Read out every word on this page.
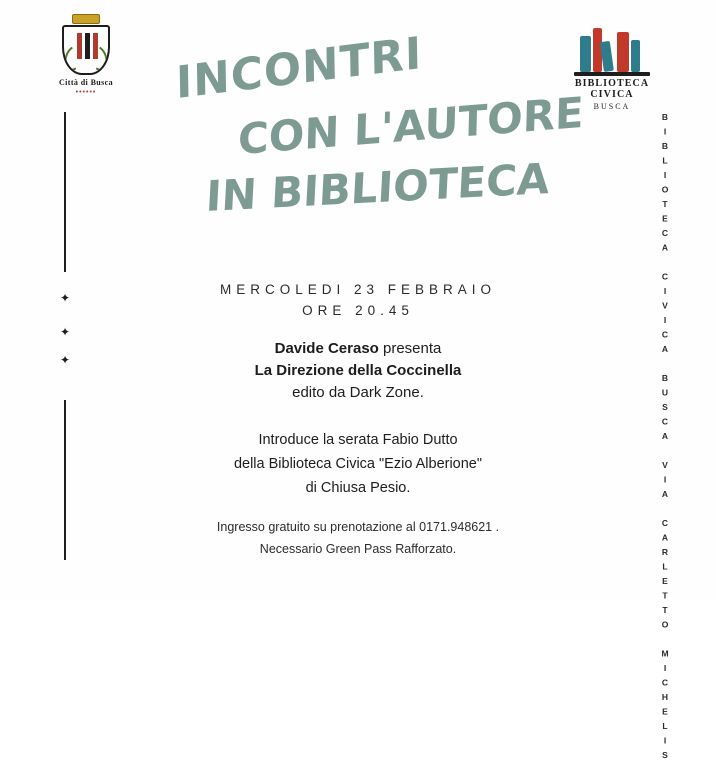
Città di Busca
••••••
BIBLIOTECA CIVICA
BUSCA
✦
✦
✦	BIBLIOTECA CIVICA BUSCA VIA CARLETTO MICHELIS
INCONTRI
CON L'AUTORE
IN BIBLIOTECA
MERCOLEDI 23 FEBBRAIO
ORE 20.45
Davide Ceraso presenta
La Direzione della Coccinella
edito da Dark Zone.
Introduce la serata Fabio Dutto
della Biblioteca Civica "Ezio Alberione"
di Chiusa Pesio.
Ingresso gratuito su prenotazione al 0171.948621 .
Necessario Green Pass Rafforzato.
